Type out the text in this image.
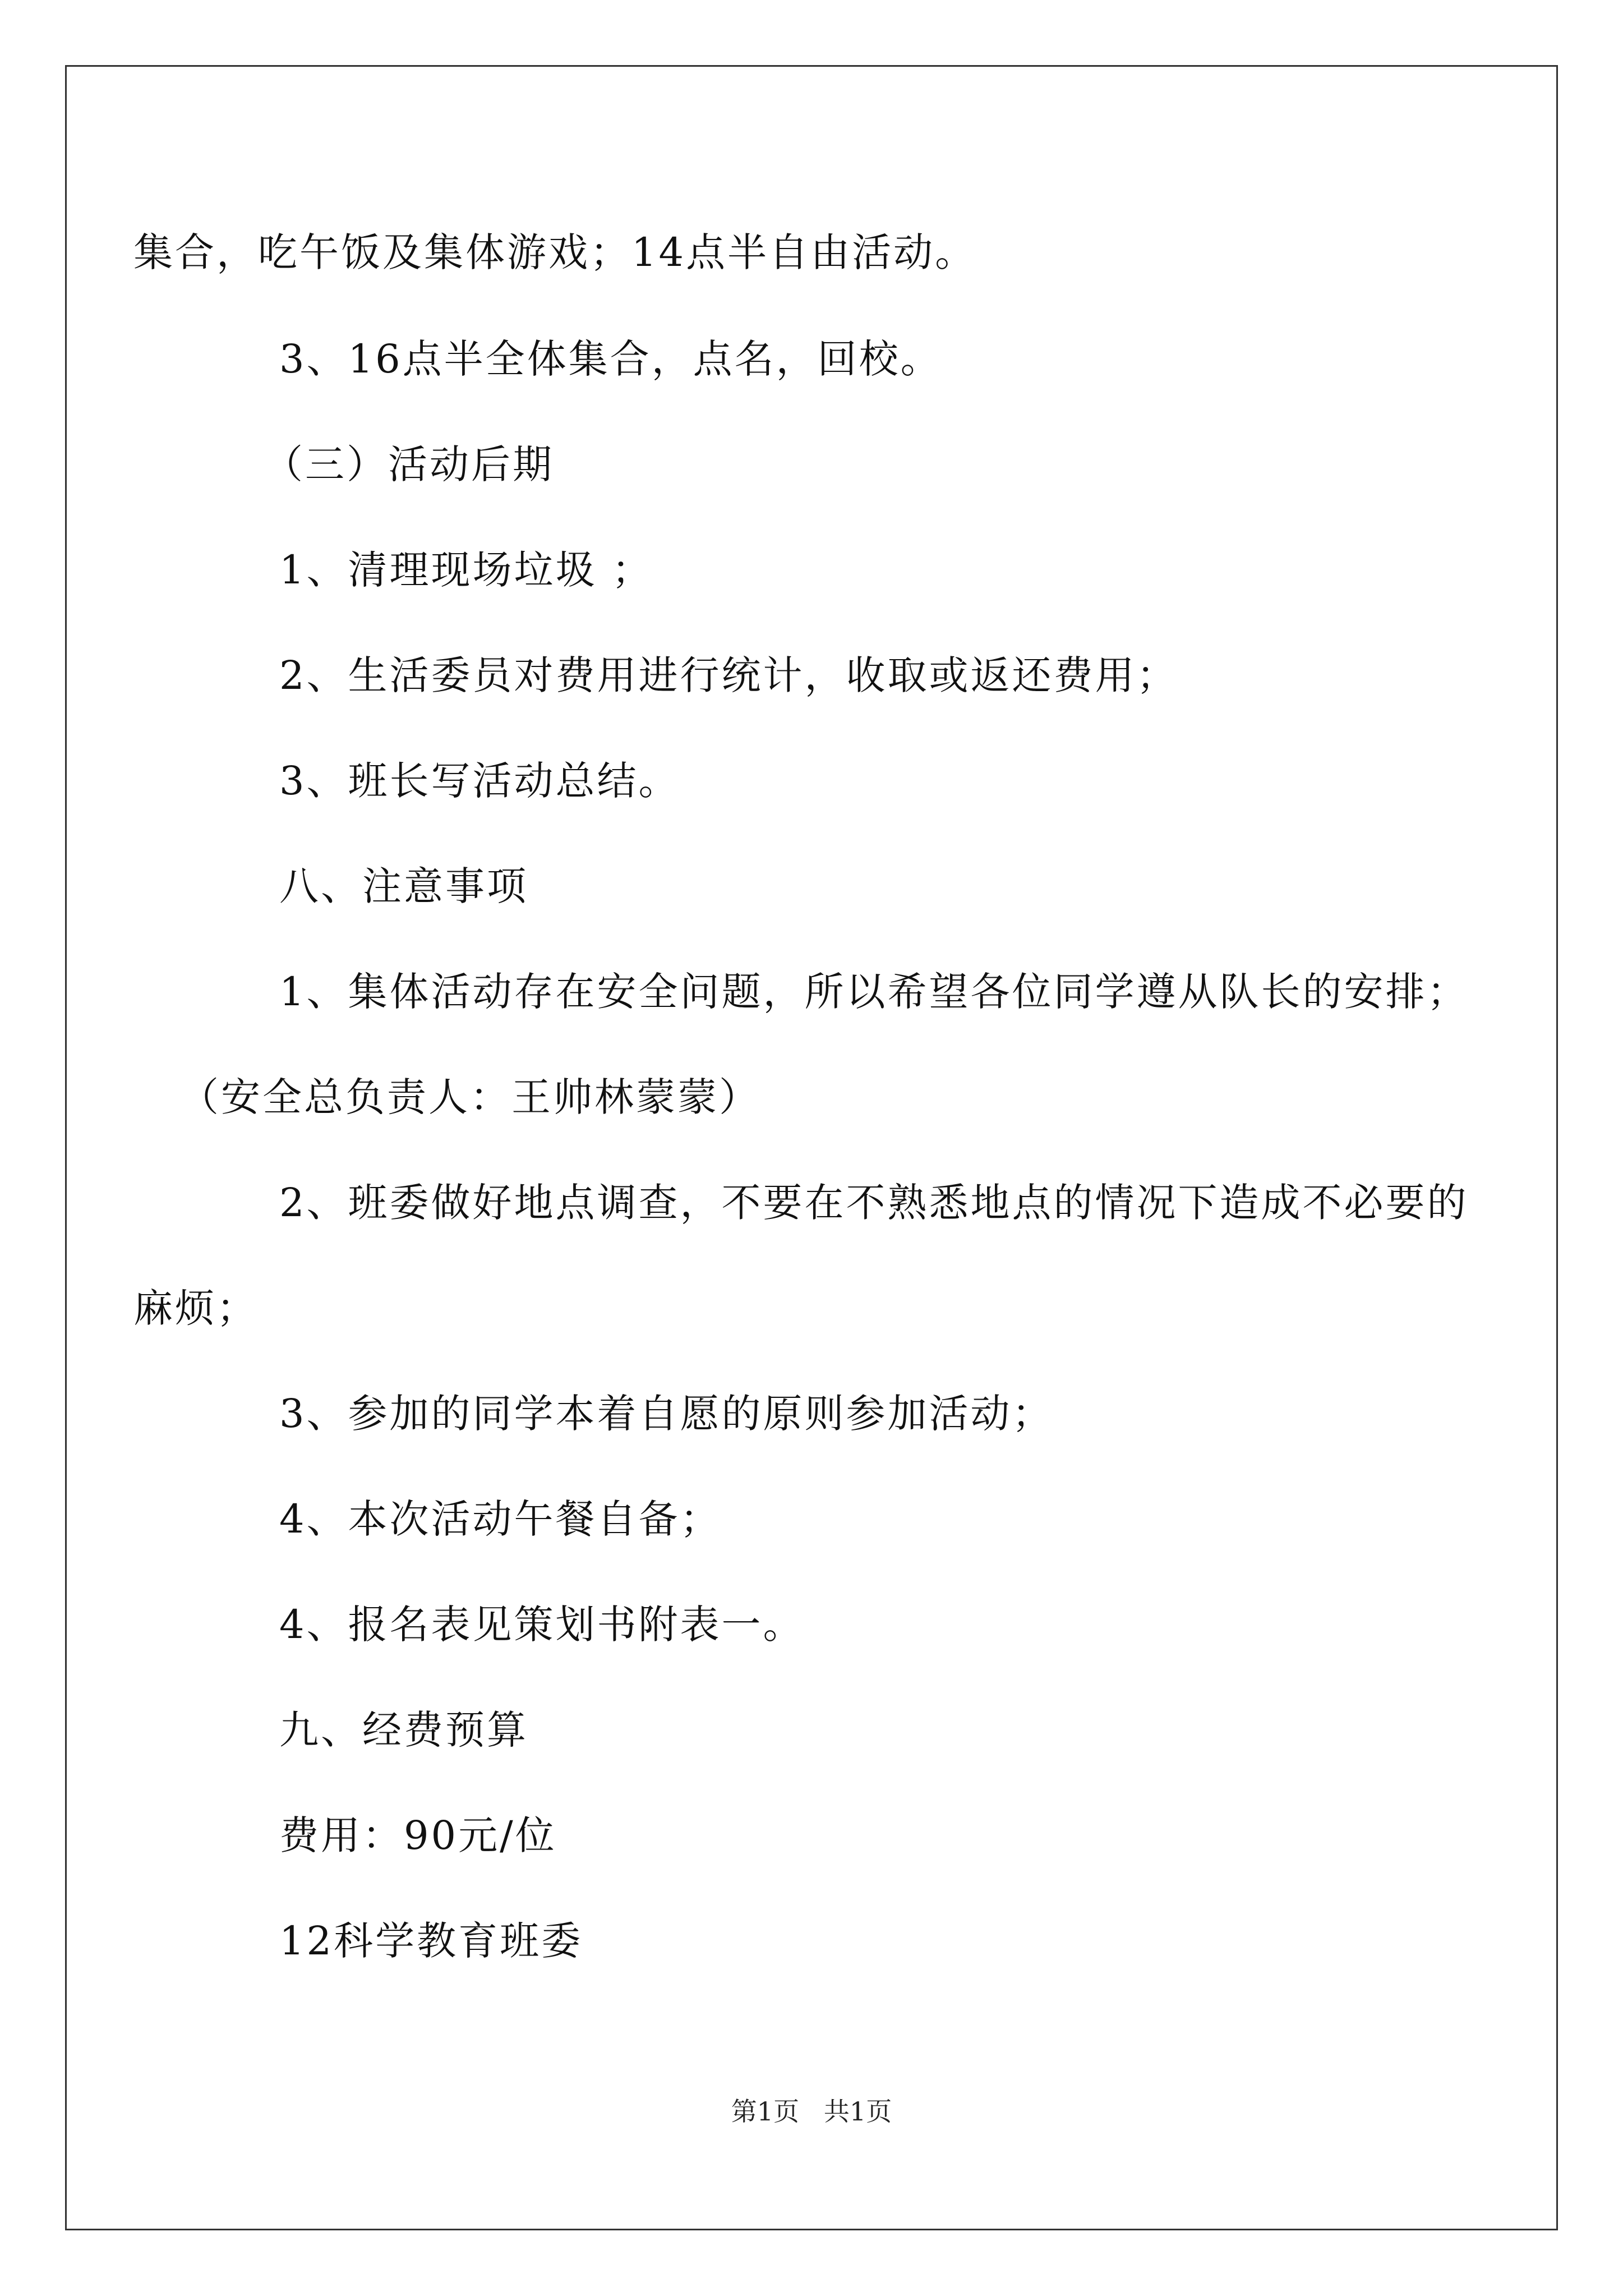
集合，吃午饭及集体游戏；14点半自由活动。
3、16点半全体集合，点名，回校。
（三）活动后期
1、清理现场垃圾 ；
2、生活委员对费用进行统计，收取或返还费用；
3、班长写活动总结。
八、注意事项
1、集体活动存在安全问题，所以希望各位同学遵从队长的安排；
（安全总负责人：王帅林蒙蒙）
2、班委做好地点调查，不要在不熟悉地点的情况下造成不必要的
麻烦；
3、参加的同学本着自愿的原则参加活动；
4、本次活动午餐自备；
4、报名表见策划书附表一。
九、经费预算
费用：90元/位
12科学教育班委
第1页   共1页
